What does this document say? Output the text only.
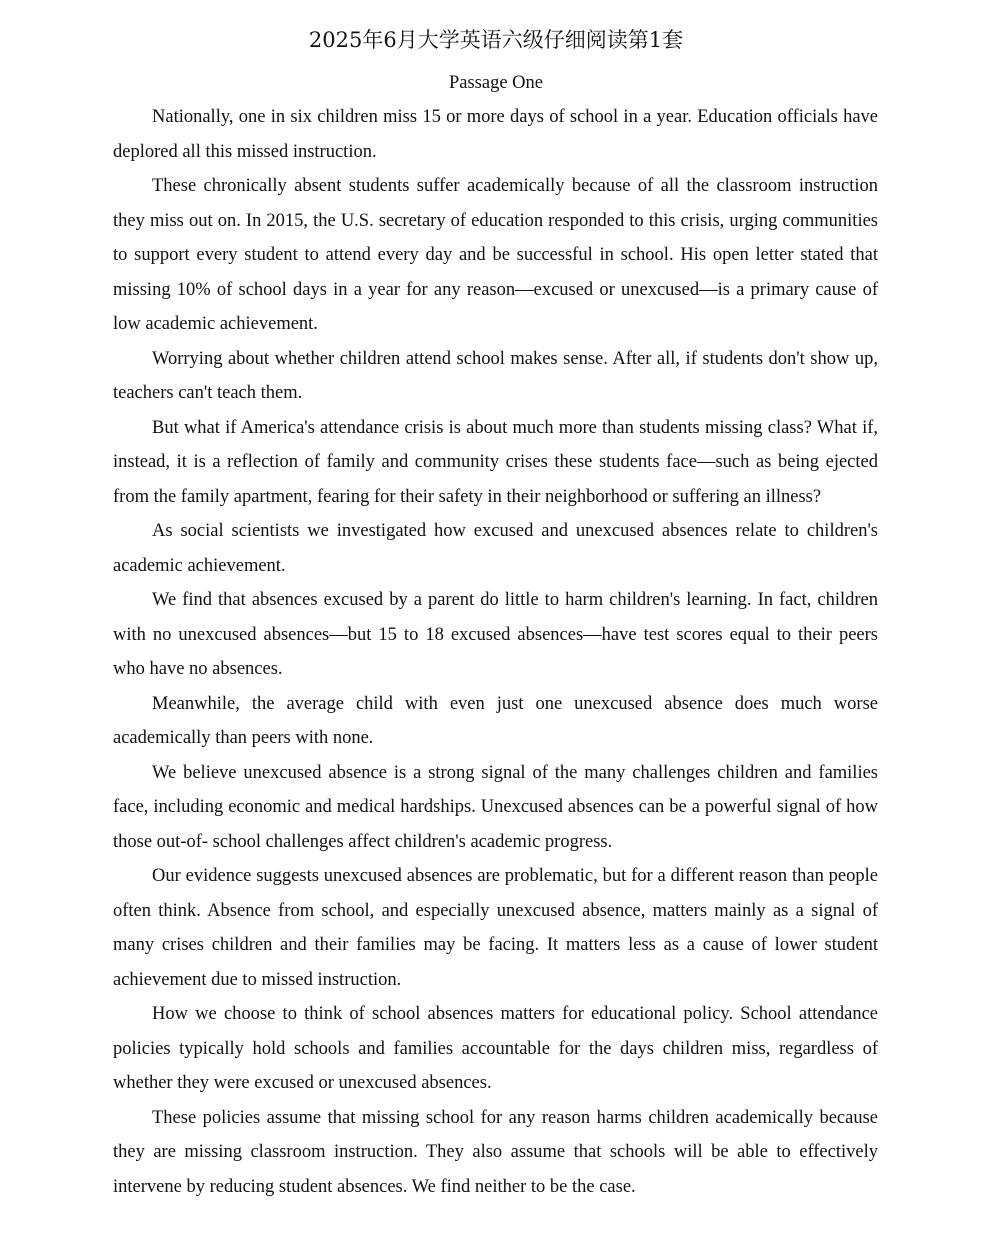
2025年6月大学英语六级仔细阅读第1套
Passage One

Nationally, one in six children miss 15 or more days of school in a year. Education officials have deplored all this missed instruction.

These chronically absent students suffer academically because of all the classroom instruction they miss out on. In 2015, the U.S. secretary of education responded to this crisis, urging communities to support every student to attend every day and be successful in school. His open letter stated that missing 10% of school days in a year for any reason—excused or unexcused—is a primary cause of low academic achievement.

Worrying about whether children attend school makes sense. After all, if students don't show up, teachers can't teach them.

But what if America's attendance crisis is about much more than students missing class? What if, instead, it is a reflection of family and community crises these students face—such as being ejected from the family apartment, fearing for their safety in their neighborhood or suffering an illness?

As social scientists we investigated how excused and unexcused absences relate to children's academic achievement.

We find that absences excused by a parent do little to harm children's learning. In fact, children with no unexcused absences—but 15 to 18 excused absences—have test scores equal to their peers who have no absences.

Meanwhile, the average child with even just one unexcused absence does much worse academically than peers with none.

We believe unexcused absence is a strong signal of the many challenges children and families face, including economic and medical hardships. Unexcused absences can be a powerful signal of how those out-of- school challenges affect children's academic progress.

Our evidence suggests unexcused absences are problematic, but for a different reason than people often think. Absence from school, and especially unexcused absence, matters mainly as a signal of many crises children and their families may be facing. It matters less as a cause of lower student achievement due to missed instruction.

How we choose to think of school absences matters for educational policy. School attendance policies typically hold schools and families accountable for the days children miss, regardless of whether they were excused or unexcused absences.

These policies assume that missing school for any reason harms children academically because they are missing classroom instruction. They also assume that schools will be able to effectively intervene by reducing student absences. We find neither to be the case.
